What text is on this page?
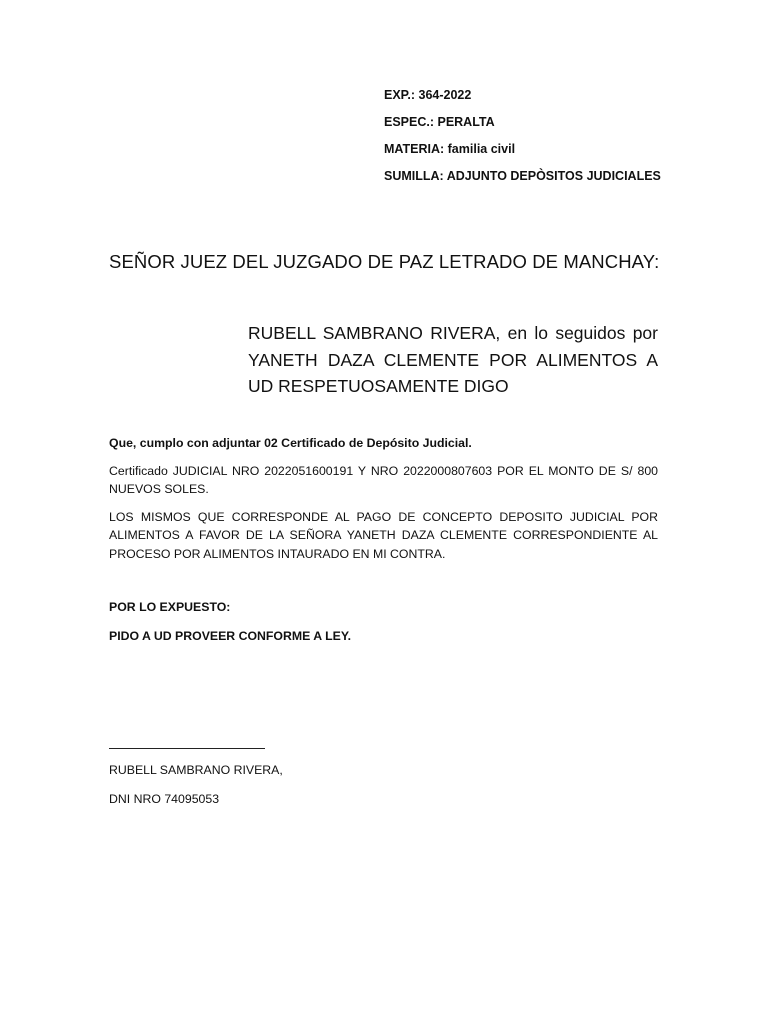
EXP.: 364-2022
ESPEC.: PERALTA
MATERIA: familia civil
SUMILLA: ADJUNTO DEPÒSITOS JUDICIALES
SEÑOR JUEZ DEL JUZGADO DE PAZ LETRADO DE MANCHAY:
RUBELL SAMBRANO RIVERA, en lo seguidos por YANETH DAZA CLEMENTE POR ALIMENTOS A UD RESPETUOSAMENTE DIGO

Que, cumplo con adjuntar 02 Certificado de Depósito Judicial.

Certificado JUDICIAL NRO 2022051600191 Y NRO 2022000807603 POR EL MONTO DE S/ 800 NUEVOS SOLES.

LOS MISMOS QUE CORRESPONDE AL PAGO DE CONCEPTO DEPOSITO JUDICIAL POR ALIMENTOS A FAVOR DE LA SEÑORA YANETH DAZA CLEMENTE CORRESPONDIENTE AL PROCESO POR ALIMENTOS INTAURADO EN MI CONTRA.

POR LO EXPUESTO:
PIDO A UD PROVEER CONFORME A LEY.
RUBELL SAMBRANO RIVERA,
DNI NRO 74095053
